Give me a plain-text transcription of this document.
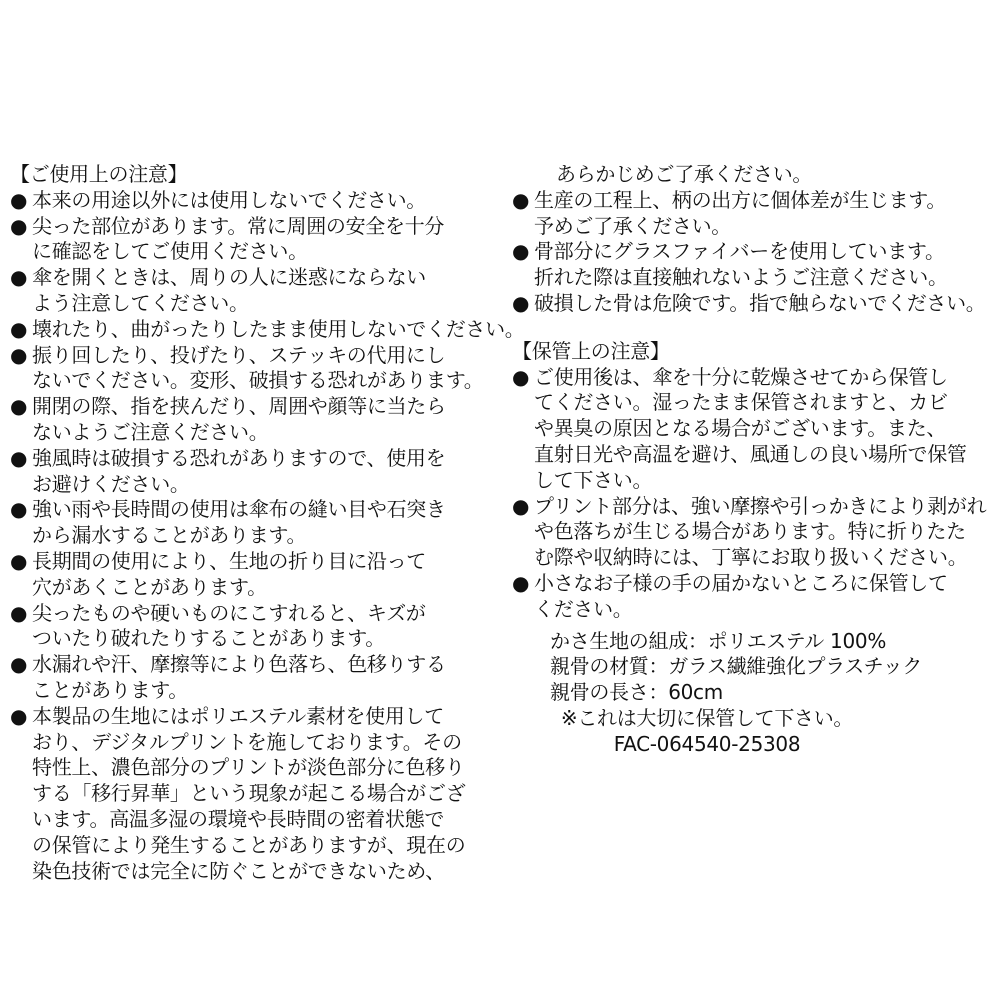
【ご使用上の注意】
● 本来の用途以外には使用しないでください。
● 尖った部位があります。常に周囲の安全を十分
に確認をしてご使用ください。
● 傘を開くときは、周りの人に迷惑にならない
よう注意してください。
● 壊れたり、曲がったりしたまま使用しないでください。
● 振り回したり、投げたり、ステッキの代用にし
ないでください。変形、破損する恐れがあります。
● 開閉の際、指を挟んだり、周囲や顔等に当たら
ないようご注意ください。
● 強風時は破損する恐れがありますので、使用を
お避けください。
● 強い雨や長時間の使用は傘布の縫い目や石突き
から漏水することがあります。
● 長期間の使用により、生地の折り目に沿って
穴があくことがあります。
● 尖ったものや硬いものにこすれると、キズが
ついたり破れたりすることがあります。
● 水漏れや汗、摩擦等により色落ち、色移りする
ことがあります。
● 本製品の生地にはポリエステル素材を使用して
おり、デジタルプリントを施しております。その
特性上、濃色部分のプリントが淡色部分に色移り
する「移行昇華」という現象が起こる場合がござ
います。高温多湿の環境や長時間の密着状態で
の保管により発生することがありますが、現在の
染色技術では完全に防ぐことができないため、
あらかじめご了承ください。
● 生産の工程上、柄の出方に個体差が生じます。
予めご了承ください。
● 骨部分にグラスファイバーを使用しています。
折れた際は直接触れないようご注意ください。
● 破損した骨は危険です。指で触らないでください。
【保管上の注意】
● ご使用後は、傘を十分に乾燥させてから保管し
てください。湿ったまま保管されますと、カビ
や異臭の原因となる場合がございます。また、
直射日光や高温を避け、風通しの良い場所で保管
して下さい。
● プリント部分は、強い摩擦や引っかきにより剥がれ
や色落ちが生じる場合があります。特に折りたた
む際や収納時には、丁寧にお取り扱いください。
● 小さなお子様の手の届かないところに保管して
ください。
かさ生地の組成：ポリエステル 100%
親骨の材質：ガラス繊維強化プラスチック
親骨の長さ：60cm
※これは大切に保管して下さい。
FAC-064540-25308
